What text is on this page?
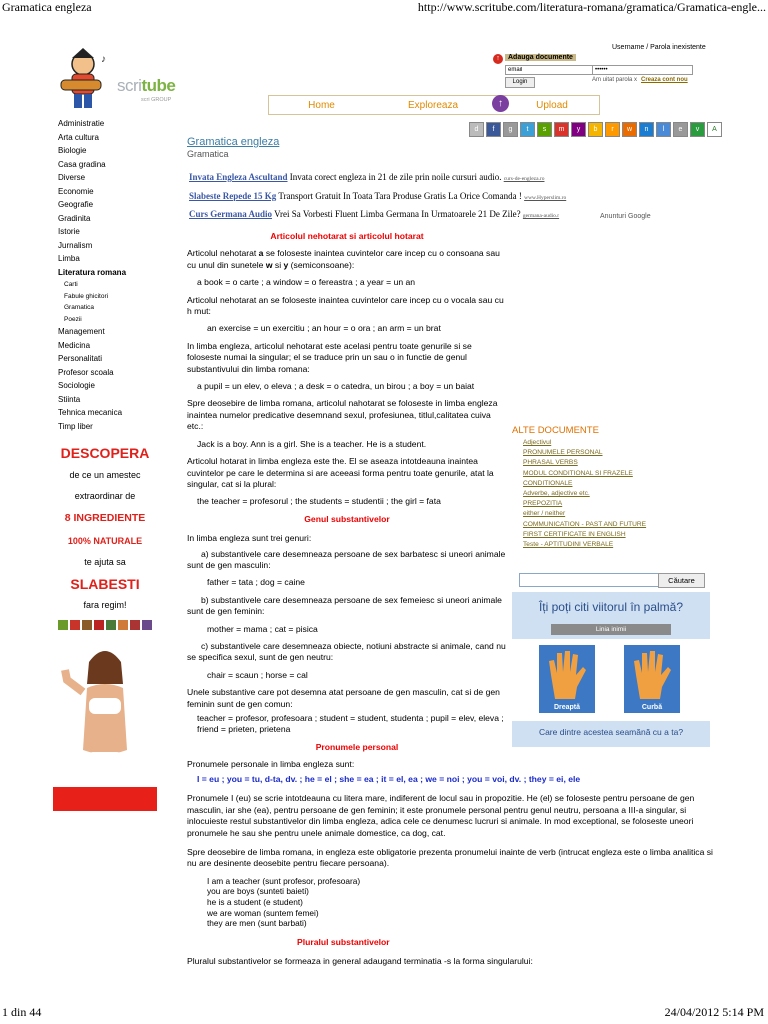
Gramatica engleza	http://www.scritube.com/literatura-romana/gramatica/Gramatica-engle...
1 din 44	24/04/2012 5:14 PM
♪
scritube
scri GROUP
Username / Parola inexistente
↑	Adauga documente
email
••••••
Login	Am uitat parola x Creaza cont nou
Home	Exploreaza	Upload
↑
d f g t s m y b r w n l e v A
Administratie
Arta cultura
Biologie
Casa gradina
Diverse
Economie
Geografie
Gradinita
Istorie
Jurnalism
Limba
Literatura romana
Carti
Fabule ghicitori
Gramatica
Poezii
Management
Medicina
Personalitati
Profesor scoala
Sociologie
Stiinta
Tehnica mecanica
Timp liber
DESCOPERA
de ce un amestec
extraordinar de
8 INGREDIENTE
100% NATURALE
te ajuta sa
SLABESTI
fara regim!
Gramatica engleza
Gramatica
Invata Engleza Ascultand Invata corect engleza in 21 de zile prin noile cursuri audio. curs-de-engleza.ro
Slabeste Repede 15 Kg Transport Gratuit In Toata Tara Produse Gratis La Orice Comanda ! www.Hyperslim.ro
Curs Germana Audio Vrei Sa Vorbesti Fluent Limba Germana In Urmatoarele 21 De Zile? germana-audio.r	Anunturi Google

Articolul nehotarat si articolul hotarat

Articolul nehotarat a se foloseste inaintea cuvintelor care incep cu o consoana sau cu unul din sunetele w si y (semiconsoane):

a book = o carte ; a window = o fereastra ; a year = un an

Articolul nehotarat an se foloseste inaintea cuvintelor care incep cu o vocala sau cu h mut:

an exercise = un exercitiu ; an hour = o ora ; an arm = un brat

In limba engleza, articolul nehotarat este acelasi pentru toate genurile si se foloseste numai la singular; el se traduce prin un sau o in functie de genul substantivului din limba romana:

a pupil = un elev, o eleva ; a desk = o catedra, un birou ; a boy = un baiat

Spre deosebire de limba romana, articolul nahotarat se foloseste in limba engleza inaintea numelor predicative desemnand sexul, profesiunea, titlul,calitatea cuiva etc.:

Jack is a boy. Ann is a girl. She is a teacher. He is a student.

Articolul hotarat in limba engleza este the. El se aseaza intotdeauna inaintea cuvintelor pe care le determina si are aceeasi forma pentru toate genurile, atat la singular, cat si la plural:

the teacher = profesorul ; the students = studentii ; the girl = fata

Genul substantivelor

In limba engleza sunt trei genuri:

a) substantivele care desemneaza persoane de sex barbatesc si uneori animale sunt de gen masculin:

father = tata ; dog = caine

b) substantivele care desemneaza persoane de sex femeiesc si uneori animale sunt de gen feminin:

mother = mama ; cat = pisica

c) substantivele care desemneaza obiecte, notiuni abstracte si animale, cand nu se specifica sexul, sunt de gen neutru:

chair = scaun ; horse = cal

Unele substantive care pot desemna atat persoane de gen masculin, cat si de gen feminin sunt de gen comun:

teacher = profesor, profesoara ; student = student, studenta ; pupil = elev, eleva ; friend = prieten, prietena

Pronumele personal

Pronumele personale in limba engleza sunt:

I = eu ; you = tu, d-ta, dv. ; he = el ; she = ea ; it = el, ea ; we = noi ; you = voi, dv. ; they = ei, ele

Pronumele I (eu) se scrie intotdeauna cu litera mare, indiferent de locul sau in propozitie. He (el) se foloseste pentru persoane de gen masculin, iar she (ea), pentru persoane de gen feminin; it este pronumele personal pentru genul neutru, persoana a III-a singular, si inlocuieste restul substantivelor din limba engleza, adica cele ce denumesc lucruri si animale. In mod exceptional, se foloseste uneori pronumele he sau she pentru unele animale domestice, ca dog, cat.

Spre deosebire de limba romana, in engleza este obligatorie prezenta pronumelui inainte de verb (intrucat engleza este o limba analitica si nu are desinente deosebite pentru fiecare persoana).

I am a teacher (sunt profesor, profesoara)
you are boys (sunteti baieti)
he is a student (e student)
we are woman (suntem femei)
they are men (sunt barbati)

Pluralul substantivelor

Pluralul substantivelor se formeaza in general adaugand terminatia -s la forma singularului:

ALTE DOCUMENTE
Adjectivul
PRONUMELE PERSONAL
PHRASAL VERBS
MODUL CONDITIONAL SI FRAZELE CONDITIONALE
Adverbe, adjective etc.
PREPOZITIA
either / neither
COMMUNICATION - PAST AND FUTURE
FIRST CERTIFICATE IN ENGLISH
Teste - APTITUDINI VERBALE
Căutare
Îți poți citi viitorul în palmă?
Linia inimii
Dreaptă	Curbă
Care dintre acestea seamănă cu a ta?
